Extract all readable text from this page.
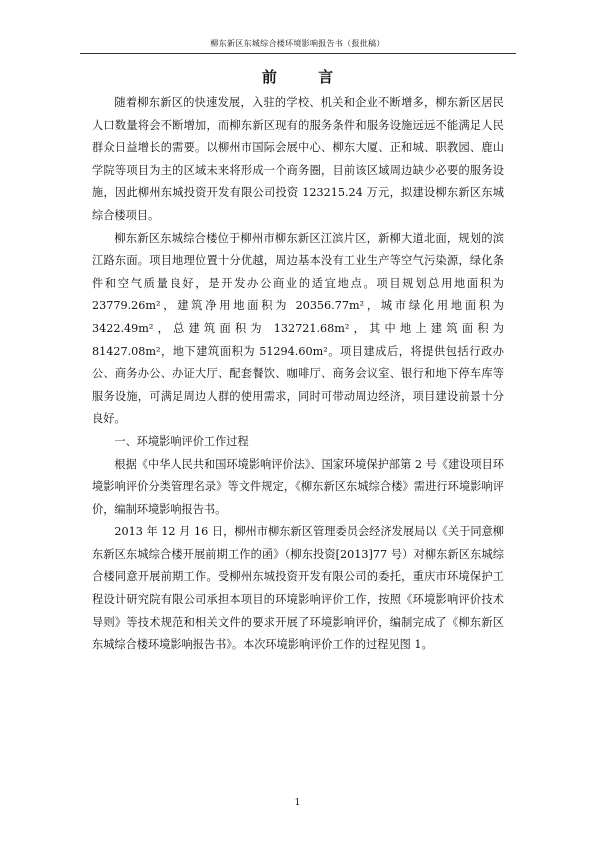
柳东新区东城综合楼环境影响报告书（报批稿）
前 言

随着柳东新区的快速发展，入驻的学校、机关和企业不断增多，柳东新区居民人口数量将会不断增加，而柳东新区现有的服务条件和服务设施远远不能满足人民群众日益增长的需要。以柳州市国际会展中心、柳东大厦、正和城、职教园、鹿山学院等项目为主的区域未来将形成一个商务圈，目前该区域周边缺少必要的服务设施，因此柳州东城投资开发有限公司投资 123215.24 万元，拟建设柳东新区东城综合楼项目。

柳东新区东城综合楼位于柳州市柳东新区江滨片区，新柳大道北面，规划的滨江路东面。项目地理位置十分优越，周边基本没有工业生产等空气污染源，绿化条件和空气质量良好，是开发办公商业的适宜地点。项目规划总用地面积为 23779.26m²，建筑净用地面积为 20356.77m²，城市绿化用地面积为 3422.49m²，总建筑面积为 132721.68m²，其中地上建筑面积为 81427.08m²，地下建筑面积为 51294.60m²。项目建成后，将提供包括行政办公、商务办公、办证大厅、配套餐饮、咖啡厅、商务会议室、银行和地下停车库等服务设施，可满足周边人群的使用需求，同时可带动周边经济，项目建设前景十分良好。

一、环境影响评价工作过程

根据《中华人民共和国环境影响评价法》、国家环境保护部第 2 号《建设项目环境影响评价分类管理名录》等文件规定，《柳东新区东城综合楼》需进行环境影响评价，编制环境影响报告书。

2013 年 12 月 16 日，柳州市柳东新区管理委员会经济发展局以《关于同意柳东新区东城综合楼开展前期工作的函》（柳东投资[2013]77 号）对柳东新区东城综合楼同意开展前期工作。受柳州东城投资开发有限公司的委托，重庆市环境保护工程设计研究院有限公司承担本项目的环境影响评价工作，按照《环境影响评价技术导则》等技术规范和相关文件的要求开展了环境影响评价，编制完成了《柳东新区东城综合楼环境影响报告书》。本次环境影响评价工作的过程见图 1。

1
